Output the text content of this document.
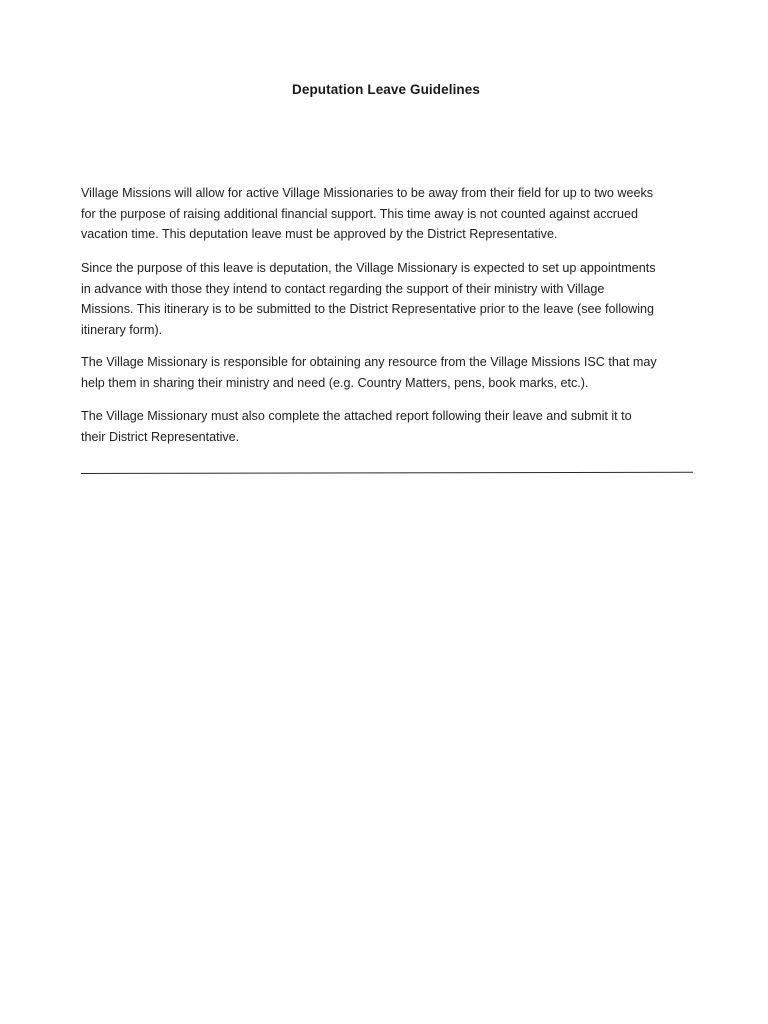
Deputation Leave Guidelines

Village Missions will allow for active Village Missionaries to be away from their field for up to two weeks
for the purpose of raising additional financial support. This time away is not counted against accrued
vacation time. This deputation leave must be approved by the District Representative.

Since the purpose of this leave is deputation, the Village Missionary is expected to set up appointments
in advance with those they intend to contact regarding the support of their ministry with Village
Missions. This itinerary is to be submitted to the District Representative prior to the leave (see following
itinerary form).

The Village Missionary is responsible for obtaining any resource from the Village Missions ISC that may
help them in sharing their ministry and need (e.g. Country Matters, pens, book marks, etc.).

The Village Missionary must also complete the attached report following their leave and submit it to
their District Representative.
